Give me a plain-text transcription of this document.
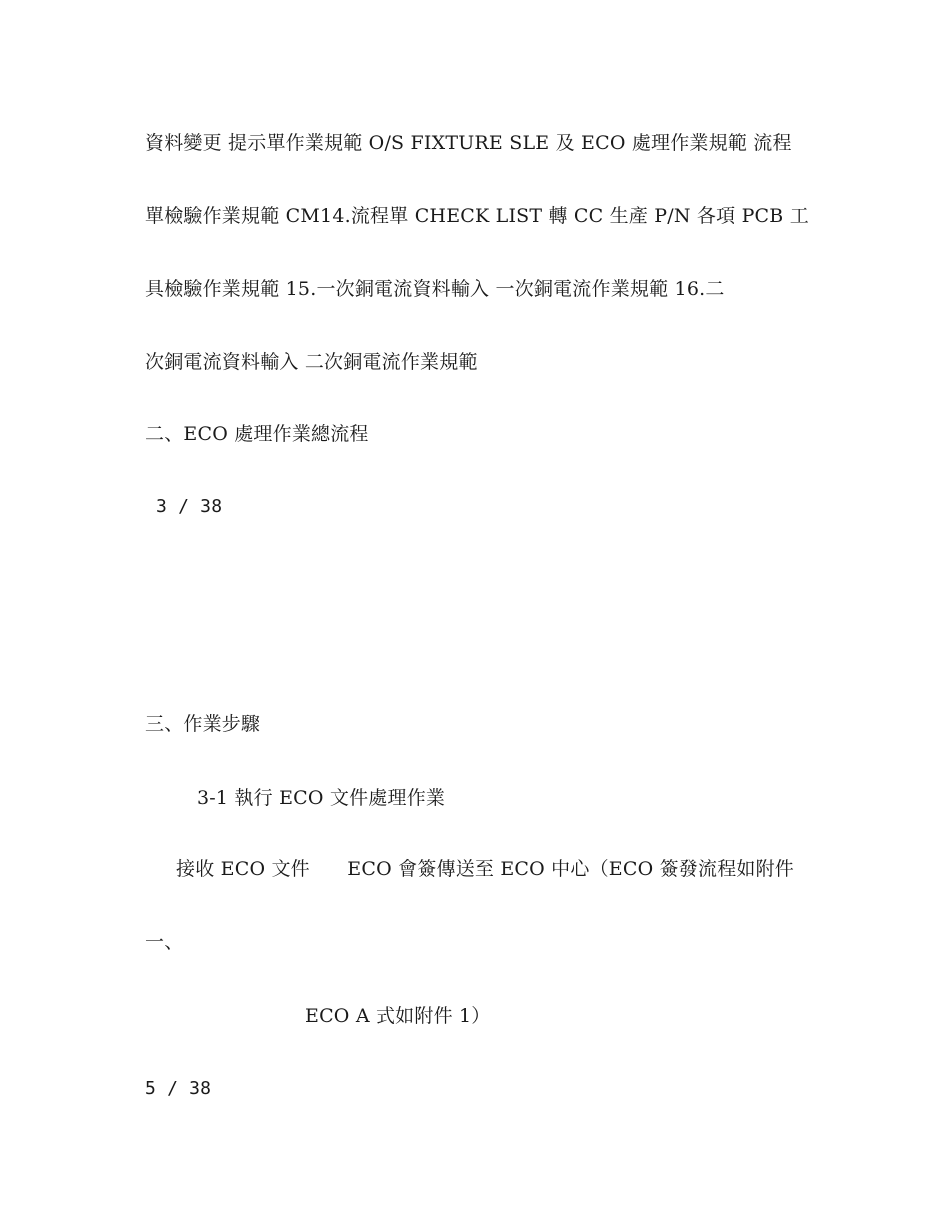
資料變更 提示單作業規範 O/S FIXTURE SLE 及 ECO 處理作業規範 流程
單檢驗作業規範 CM14.流程單 CHECK LIST 轉 CC 生產 P/N 各項 PCB 工
具檢驗作業規範 15.一次銅電流資料輸入 一次銅電流作業規範 16.二
次銅電流資料輸入 二次銅電流作業規範
二、ECO 處理作業總流程
3 / 38
三、作業步驟
3-1 執行 ECO 文件處理作業
接收 ECO 文件      ECO 會簽傳送至 ECO 中心（ECO 簽發流程如附件
一、
ECO A 式如附件 1）
5 / 38
